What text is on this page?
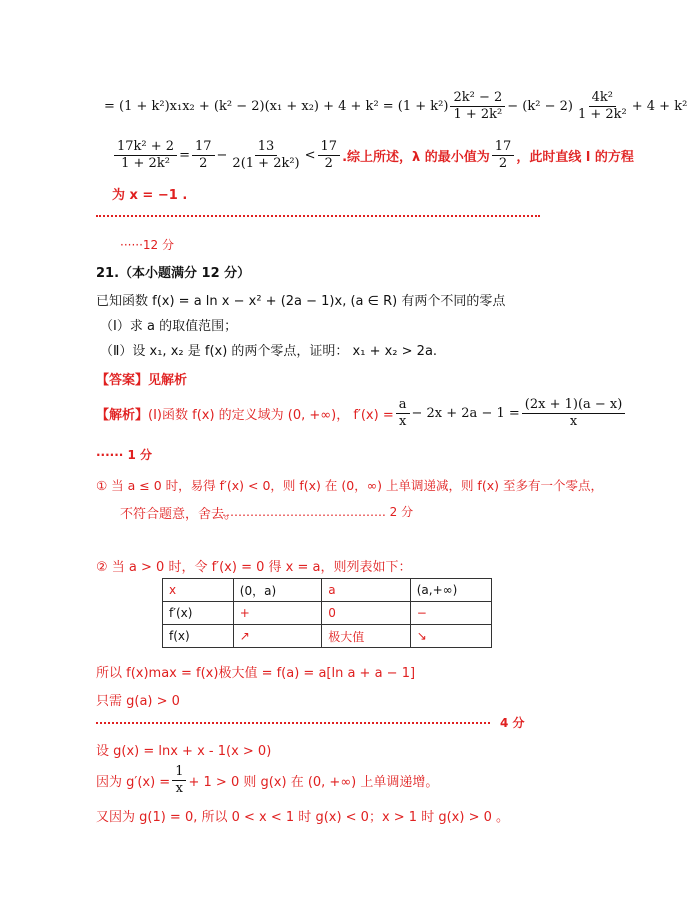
= $(1 + k^2)x_1x_2 + (k^2 - 2)(x_1 + x_2) + 4 + k^2 = (1 + k^2) \frac{\text{2k² − 2}}{\text{1 + 2k²}} - (k^2 - 2) \frac{\text{4k²}}{\text{1 + 2k²}} + 4 + k^2$
$\frac{\text{17k² + 2}}{\text{1 + 2k²}} = \frac{17}{2} - \frac{13}{\text{2(1 + 2k²)}} < \frac{17}{2}$ .综上所述，λ 的最小值为 $\frac{17}{2}$ ，此时直线 l 的方程
为 x = −1 .
······12 分
21.（本小题满分 12 分）
已知函数 f(x) = a ln x − x² + (2a − 1)x, (a ∈ R) 有两个不同的零点
（Ⅰ）求 a 的取值范围；
（Ⅱ）设 x₁, x₂ 是 f(x) 的两个零点，证明： x₁ + x₂ > 2a.
【答案】见解析
【解析】 (Ⅰ)函数 f(x) 的定义域为 (0, +∞)， $f'(x) = \frac{a}{x} - 2x + 2a - 1 = \frac{(2x + 1)(a - x)}{x}$
······ 1 分
① 当 a ≤ 0 时，易得 f′(x) < 0，则 f(x) 在 (0，∞) 上单调递减，则 f(x) 至多有一个零点，
不符合题意，舍去。
……………………………………. 2 分
② 当 a > 0 时，令 f′(x) = 0 得 x = a，则列表如下：
x	(0，a)	a	(a,+∞)
f′(x)	+	0	−
f(x)	↗	极大值	↘
所以 f(x)max = f(x)极大值 = f(a) = a[ln a + a − 1]
只需 g(a) > 0
4 分
设 g(x) = lnx + x - 1(x > 0)
因为 $g'(x) = \frac{1}{x} + 1 > 0$ 则 g(x) 在 (0, +∞) 上单调递增。
又因为 g(1) = 0, 所以 0 < x < 1 时 g(x) < 0；x > 1 时 g(x) > 0 。
